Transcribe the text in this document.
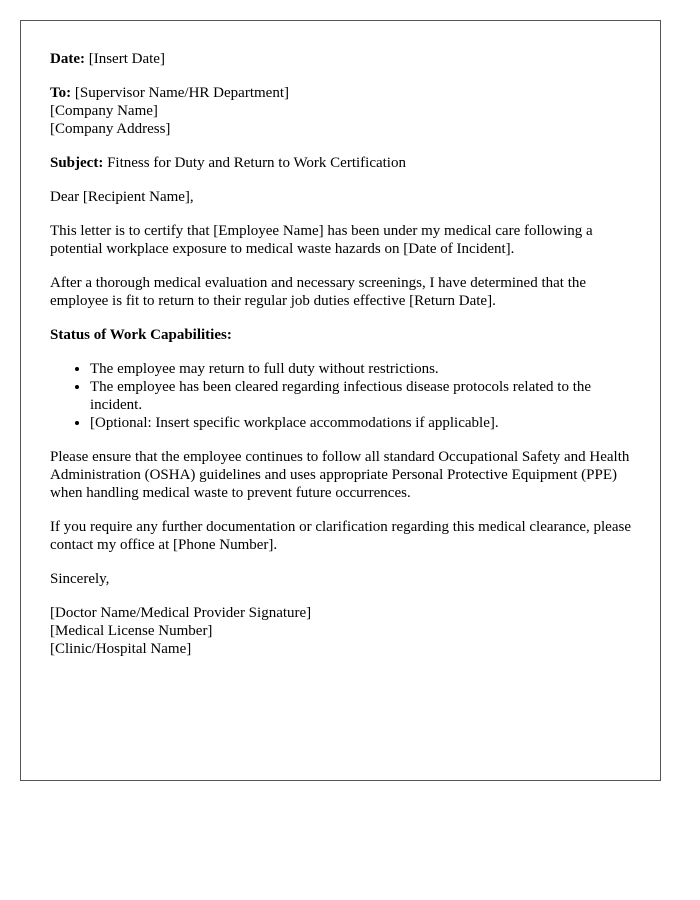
Date: [Insert Date]

To: [Supervisor Name/HR Department]
[Company Name]
[Company Address]

Subject: Fitness for Duty and Return to Work Certification

Dear [Recipient Name],

This letter is to certify that [Employee Name] has been under my medical care following a potential workplace exposure to medical waste hazards on [Date of Incident].

After a thorough medical evaluation and necessary screenings, I have determined that the employee is fit to return to their regular job duties effective [Return Date].

Status of Work Capabilities:

• The employee may return to full duty without restrictions.
• The employee has been cleared regarding infectious disease protocols related to the incident.
• [Optional: Insert specific workplace accommodations if applicable].

Please ensure that the employee continues to follow all standard Occupational Safety and Health Administration (OSHA) guidelines and uses appropriate Personal Protective Equipment (PPE) when handling medical waste to prevent future occurrences.

If you require any further documentation or clarification regarding this medical clearance, please contact my office at [Phone Number].

Sincerely,

[Doctor Name/Medical Provider Signature]
[Medical License Number]
[Clinic/Hospital Name]
